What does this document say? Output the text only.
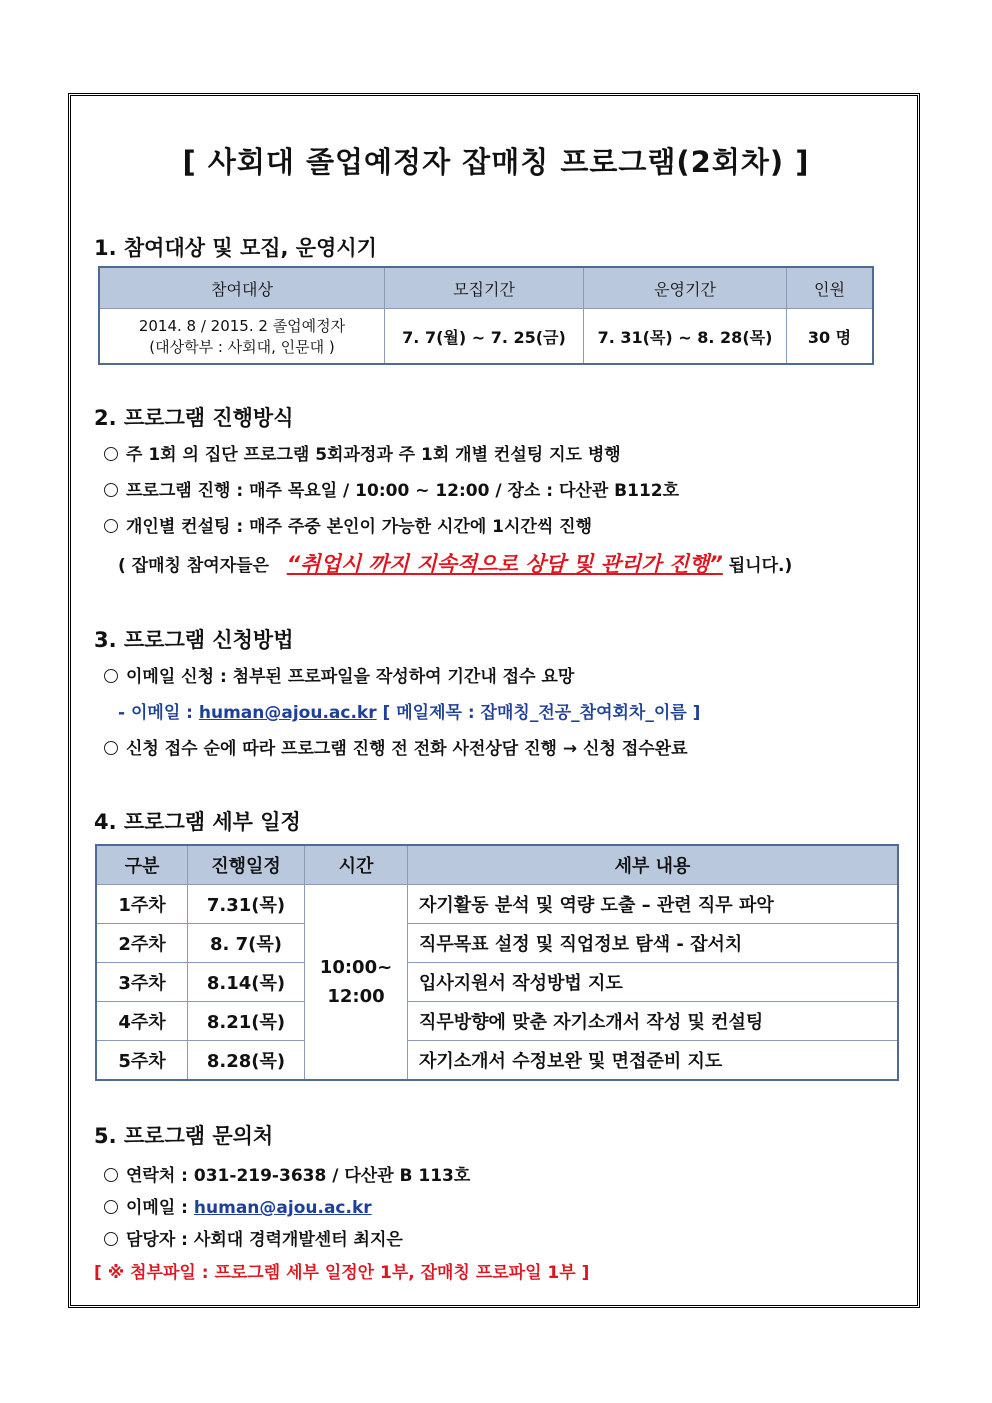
[ 사회대 졸업예정자 잡매칭 프로그램(2회차) ]
1. 참여대상 및 모집, 운영시기
참여대상	모집기간	운영기간	인원

2014. 8 / 2015. 2 졸업예정자
(대상학부 : 사회대, 인문대 )	7. 7(월) ~ 7. 25(금)	7. 31(목) ~ 8. 28(목)	30 명
2. 프로그램 진행방식
주 1회 의 집단 프로그램 5회과정과 주 1회 개별 컨설팅 지도 병행
프로그램 진행 : 매주 목요일 / 10:00 ~ 12:00 / 장소 : 다산관 B112호
개인별 컨설팅 : 매주 주중 본인이 가능한 시간에 1시간씩 진행
( 잡매칭 참여자들은 “취업시 까지 지속적으로 상담 및 관리가 진행” 됩니다.)
3. 프로그램 신청방법
이메일 신청 : 첨부된 프로파일을 작성하여 기간내 접수 요망
- 이메일 : human@ajou.ac.kr [ 메일제목 : 잡매칭_전공_참여회차_이름 ]
신청 접수 순에 따라 프로그램 진행 전 전화 사전상담 진행 → 신청 접수완료
4. 프로그램 세부 일정
구분	진행일정	시간	세부 내용
1주차	7.31(목)	10:00~
12:00	자기활동 분석 및 역량 도출 – 관련 직무 파악
2주차	8. 7(목)		직무목표 설정 및 직업정보 탐색 - 잡서치
3주차	8.14(목)		입사지원서 작성방법 지도
4주차	8.21(목)		직무방향에 맞춘 자기소개서 작성 및 컨설팅
5주차	8.28(목)		자기소개서 수정보완 및 면접준비 지도
5. 프로그램 문의처
연락처 : 031-219-3638 / 다산관 B 113호
이메일 : human@ajou.ac.kr
담당자 : 사회대 경력개발센터 최지은
[ ※ 첨부파일 : 프로그렘 세부 일정안 1부, 잡매칭 프로파일 1부 ]
